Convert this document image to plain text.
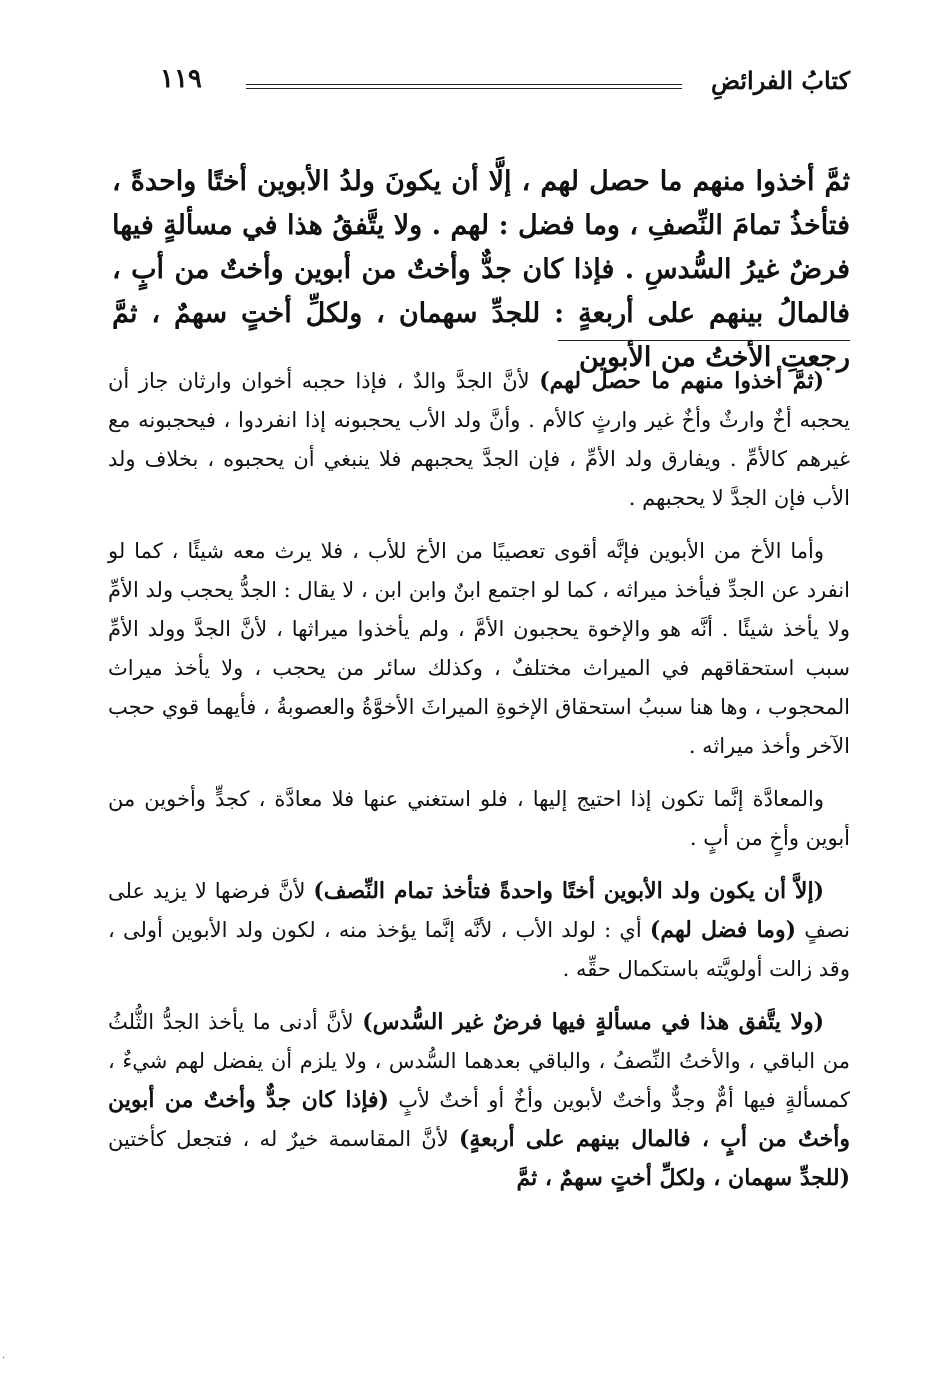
كتابُ الفرائضِ
١١٩

ثمَّ أخذوا منهم ما حصل لهم ، إلَّا أن يكونَ ولدُ الأبوين أختًا واحدةً ، فتأخذُ تمامَ النِّصفِ ، وما فضل : لهم . ولا يتَّفقُ هذا في مسألةٍ فيها فرضٌ غيرُ السُّدسِ . فإذا كان جدٌّ وأختٌ من أبوين وأختٌ من أبٍ ، فالمالُ بينهم على أربعةٍ : للجدِّ سهمان ، ولكلِّ أختٍ سهمٌ ، ثمَّ رجعتِ الأختُ من الأبوين

(ثمَّ أخذوا منهم ما حصل لهم) لأنَّ الجدَّ والدٌ ، فإذا حجبه أخوان وارثان جاز أن يحجبه أخٌ وارثٌ وأخٌ غير وارثٍ كالأم . وأنَّ ولد الأب يحجبونه إذا انفردوا ، فيحجبونه مع غيرهم كالأمِّ . ويفارق ولد الأمِّ ، فإن الجدَّ يحجبهم فلا ينبغي أن يحجبوه ، بخلاف ولد الأب فإن الجدَّ لا يحجبهم .

وأما الأخ من الأبوين فإنَّه أقوى تعصيبًا من الأخ للأب ، فلا يرث معه شيئًا ، كما لو انفرد عن الجدِّ فيأخذ ميراثه ، كما لو اجتمع ابنٌ وابن ابن ، لا يقال : الجدُّ يحجب ولد الأمِّ ولا يأخذ شيئًا . أنَّه هو والإخوة يحجبون الأمَّ ، ولم يأخذوا ميراثها ، لأنَّ الجدَّ وولد الأمِّ سبب استحقاقهم في الميراث مختلفٌ ، وكذلك سائر من يحجب ، ولا يأخذ ميراث المحجوب ، وها هنا سببُ استحقاق الإخوةِ الميراثَ الأخوَّةُ والعصوبةُ ، فأيهما قوي حجب الآخر وأخذ ميراثه .

والمعادَّة إنَّما تكون إذا احتيج إليها ، فلو استغني عنها فلا معادَّة ، كجدٍّ وأخوين من أبوين وأخٍ من أبٍ .

(إلاَّ أن يكون ولد الأبوين أختًا واحدةً فتأخذ تمام النِّصف) لأنَّ فرضها لا يزيد على نصفٍ (وما فضل لهم) أي : لولد الأب ، لأنَّه إنَّما يؤخذ منه ، لكون ولد الأبوين أولى ، وقد زالت أولويَّته باستكمال حقِّه .

(ولا يتَّفق هذا في مسألةٍ فيها فرضٌ غير السُّدس) لأنَّ أدنى ما يأخذ الجدُّ الثُّلثُ من الباقي ، والأختُ النِّصفُ ، والباقي بعدهما السُّدس ، ولا يلزم أن يفضل لهم شيءٌ ، كمسألةٍ فيها أمٌّ وجدٌّ وأختٌ لأبوين وأخٌ أو أختٌ لأبٍ (فإذا كان جدٌّ وأختٌ من أبوين وأختٌ من أبٍ ، فالمال بينهم على أربعةٍ) لأنَّ المقاسمة خيرٌ له ، فتجعل كأختين (للجدِّ سهمان ، ولكلِّ أختٍ سهمٌ ، ثمَّ

.
